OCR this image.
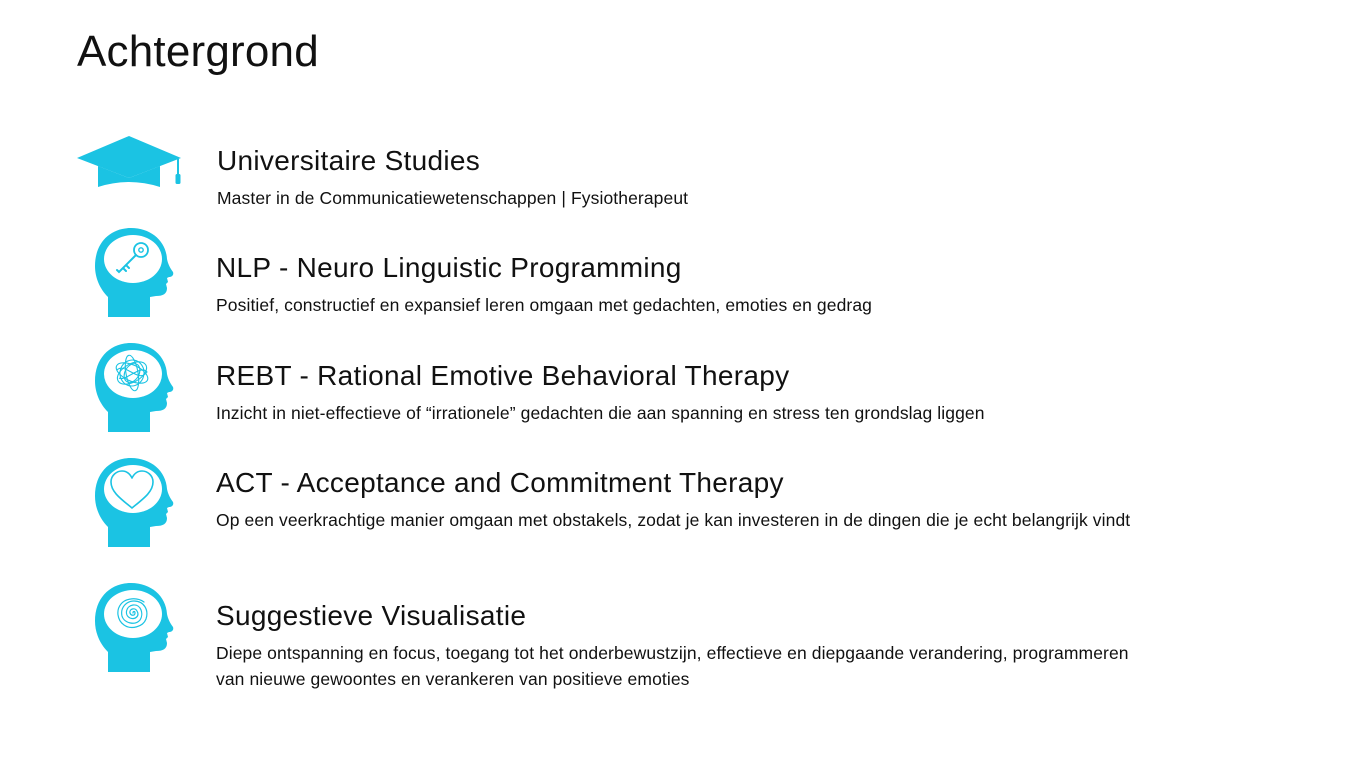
Achtergrond
Universitaire Studies

Master in de Communicatiewetenschappen | Fysiotherapeut

NLP - Neuro Linguistic Programming

Positief, constructief en expansief leren omgaan met gedachten, emoties en gedrag

REBT - Rational Emotive Behavioral Therapy

Inzicht in niet-effectieve of “irrationele” gedachten die aan spanning en stress ten grondslag liggen

ACT - Acceptance and Commitment Therapy

Op een veerkrachtige manier omgaan met obstakels, zodat je kan investeren in de dingen die je echt belangrijk vindt

Suggestieve Visualisatie

Diepe ontspanning en focus, toegang tot het onderbewustzijn, effectieve en diepgaande verandering, programmeren van nieuwe gewoontes en verankeren van positieve emoties
